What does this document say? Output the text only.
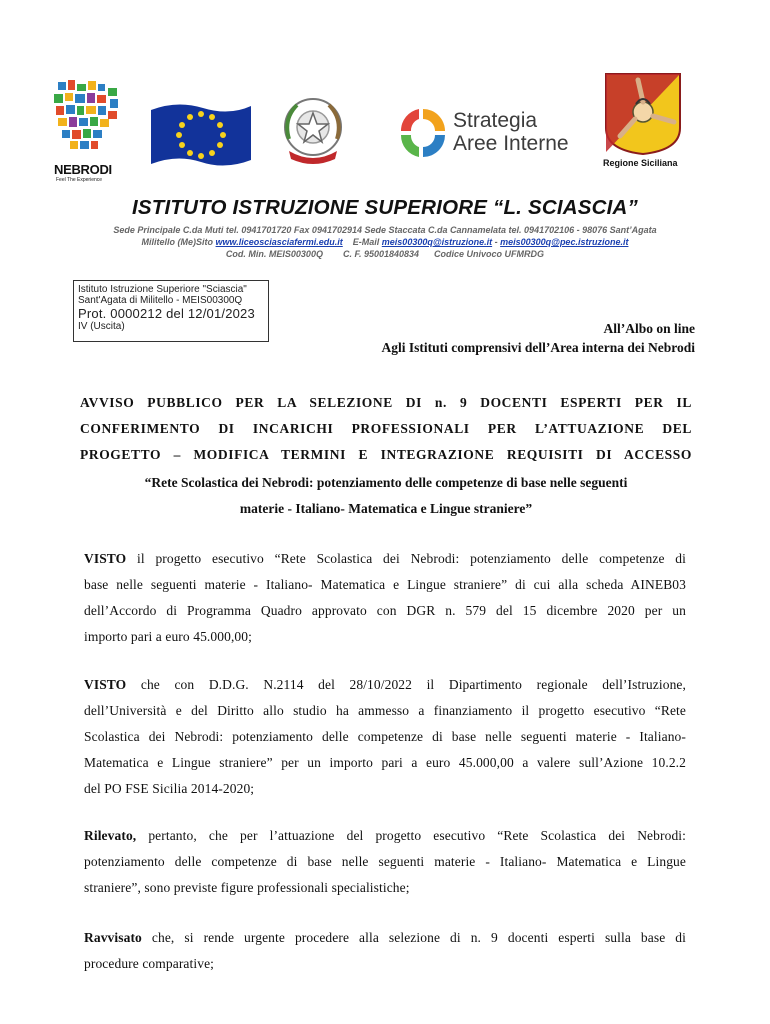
NEBRODI
Feel The Experience
Strategia
Aree Interne
Regione Siciliana
ISTITUTO ISTRUZIONE SUPERIORE “L. SCIASCIA”
Sede Principale C.da Muti tel. 0941701720 Fax 0941702914 Sede Staccata C.da Cannamelata tel. 0941702106 - 98076 Sant’Agata
Militello (Me)Sito www.liceosciasciafermi.edu.it E-Mail meis00300q@istruzione.it - meis00300q@pec.istruzione.it
Cod. Min. MEIS00300Q C. F. 95001840834 Codice Univoco UFMRDG
Istituto Istruzione Superiore "Sciascia"
Sant'Agata di Militello - MEIS00300Q
Prot. 0000212 del 12/01/2023
IV (Uscita)	All’Albo on line
Agli Istituti comprensivi dell’Area interna dei Nebrodi
AVVISO PUBBLICO PER LA SELEZIONE DI n. 9 DOCENTI ESPERTI PER IL
CONFERIMENTO DI INCARICHI PROFESSIONALI PER L’ATTUAZIONE DEL
PROGETTO – MODIFICA TERMINI E INTEGRAZIONE REQUISITI DI ACCESSO
“Rete Scolastica dei Nebrodi: potenziamento delle competenze di base nelle seguenti
materie - Italiano- Matematica e Lingue straniere”
VISTO il progetto esecutivo “Rete Scolastica dei Nebrodi: potenziamento delle competenze di
base nelle seguenti materie - Italiano- Matematica e Lingue straniere” di cui alla scheda AINEB03
dell’Accordo di Programma Quadro approvato con DGR n. 579 del 15 dicembre 2020 per un
importo pari a euro 45.000,00;
VISTO che con D.D.G. N.2114 del 28/10/2022 il Dipartimento regionale dell’Istruzione,
dell’Università e del Diritto allo studio ha ammesso a finanziamento il progetto esecutivo “Rete
Scolastica dei Nebrodi: potenziamento delle competenze di base nelle seguenti materie - Italiano-
Matematica e Lingue straniere” per un importo pari a euro 45.000,00 a valere sull’Azione 10.2.2
del PO FSE Sicilia 2014-2020;
Rilevato, pertanto, che per l’attuazione del progetto esecutivo “Rete Scolastica dei Nebrodi:
potenziamento delle competenze di base nelle seguenti materie - Italiano- Matematica e Lingue
straniere”, sono previste figure professionali specialistiche;
Ravvisato che, si rende urgente procedere alla selezione di n. 9 docenti esperti sulla base di
procedure comparative;
